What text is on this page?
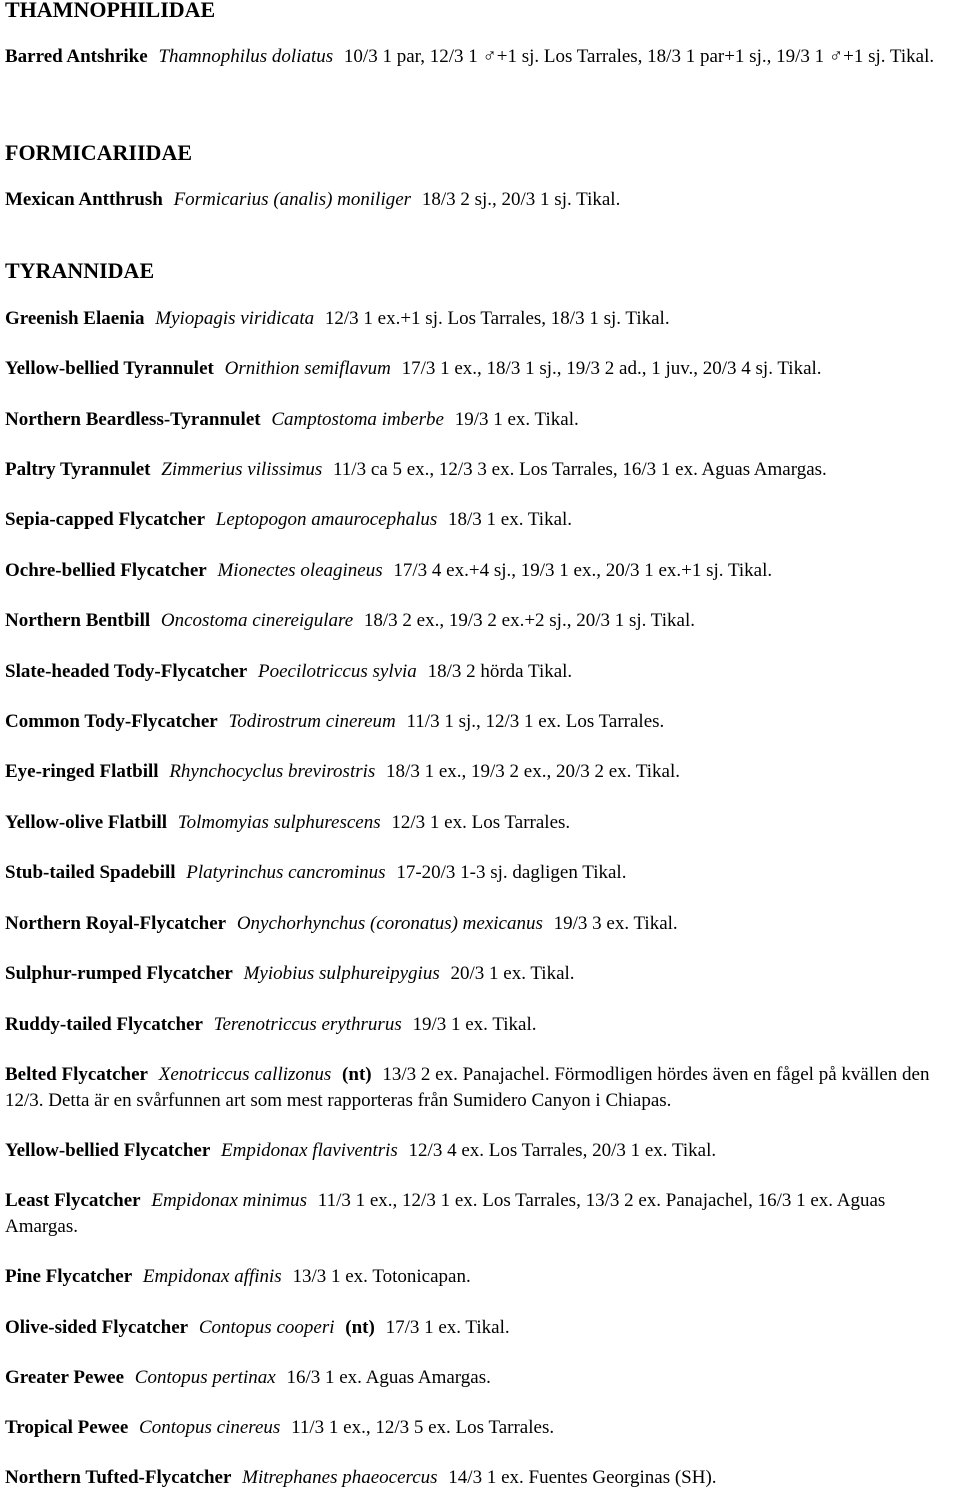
THAMNOPHILIDAE

Barred Antshrike Thamnophilus doliatus 10/3 1 par, 12/3 1 ♂+1 sj. Los Tarrales, 18/3 1 par+1 sj., 19/3 1 ♂+1 sj. Tikal.

FORMICARIIDAE

Mexican Antthrush Formicarius (analis) moniliger 18/3 2 sj., 20/3 1 sj. Tikal.

TYRANNIDAE

Greenish Elaenia Myiopagis viridicata 12/3 1 ex.+1 sj. Los Tarrales, 18/3 1 sj. Tikal.

Yellow-bellied Tyrannulet Ornithion semiflavum 17/3 1 ex., 18/3 1 sj., 19/3 2 ad., 1 juv., 20/3 4 sj. Tikal.

Northern Beardless-Tyrannulet Camptostoma imberbe 19/3 1 ex. Tikal.

Paltry Tyrannulet Zimmerius vilissimus 11/3 ca 5 ex., 12/3 3 ex. Los Tarrales, 16/3 1 ex. Aguas Amargas.

Sepia-capped Flycatcher Leptopogon amaurocephalus 18/3 1 ex. Tikal.

Ochre-bellied Flycatcher Mionectes oleagineus 17/3 4 ex.+4 sj., 19/3 1 ex., 20/3 1 ex.+1 sj. Tikal.

Northern Bentbill Oncostoma cinereigulare 18/3 2 ex., 19/3 2 ex.+2 sj., 20/3 1 sj. Tikal.

Slate-headed Tody-Flycatcher Poecilotriccus sylvia 18/3 2 hörda Tikal.

Common Tody-Flycatcher Todirostrum cinereum 11/3 1 sj., 12/3 1 ex. Los Tarrales.

Eye-ringed Flatbill Rhynchocyclus brevirostris 18/3 1 ex., 19/3 2 ex., 20/3 2 ex. Tikal.

Yellow-olive Flatbill Tolmomyias sulphurescens 12/3 1 ex. Los Tarrales.

Stub-tailed Spadebill Platyrinchus cancrominus 17-20/3 1-3 sj. dagligen Tikal.

Northern Royal-Flycatcher Onychorhynchus (coronatus) mexicanus 19/3 3 ex. Tikal.

Sulphur-rumped Flycatcher Myiobius sulphureipygius 20/3 1 ex. Tikal.

Ruddy-tailed Flycatcher Terenotriccus erythrurus 19/3 1 ex. Tikal.

Belted Flycatcher Xenotriccus callizonus (nt) 13/3 2 ex. Panajachel. Förmodligen hördes även en fågel på kvällen den 12/3. Detta är en svårfunnen art som mest rapporteras från Sumidero Canyon i Chiapas.

Yellow-bellied Flycatcher Empidonax flaviventris 12/3 4 ex. Los Tarrales, 20/3 1 ex. Tikal.

Least Flycatcher Empidonax minimus 11/3 1 ex., 12/3 1 ex. Los Tarrales, 13/3 2 ex. Panajachel, 16/3 1 ex. Aguas Amargas.

Pine Flycatcher Empidonax affinis 13/3 1 ex. Totonicapan.

Olive-sided Flycatcher Contopus cooperi (nt) 17/3 1 ex. Tikal.

Greater Pewee Contopus pertinax 16/3 1 ex. Aguas Amargas.

Tropical Pewee Contopus cinereus 11/3 1 ex., 12/3 5 ex. Los Tarrales.

Northern Tufted-Flycatcher Mitrephanes phaeocercus 14/3 1 ex. Fuentes Georginas (SH).
